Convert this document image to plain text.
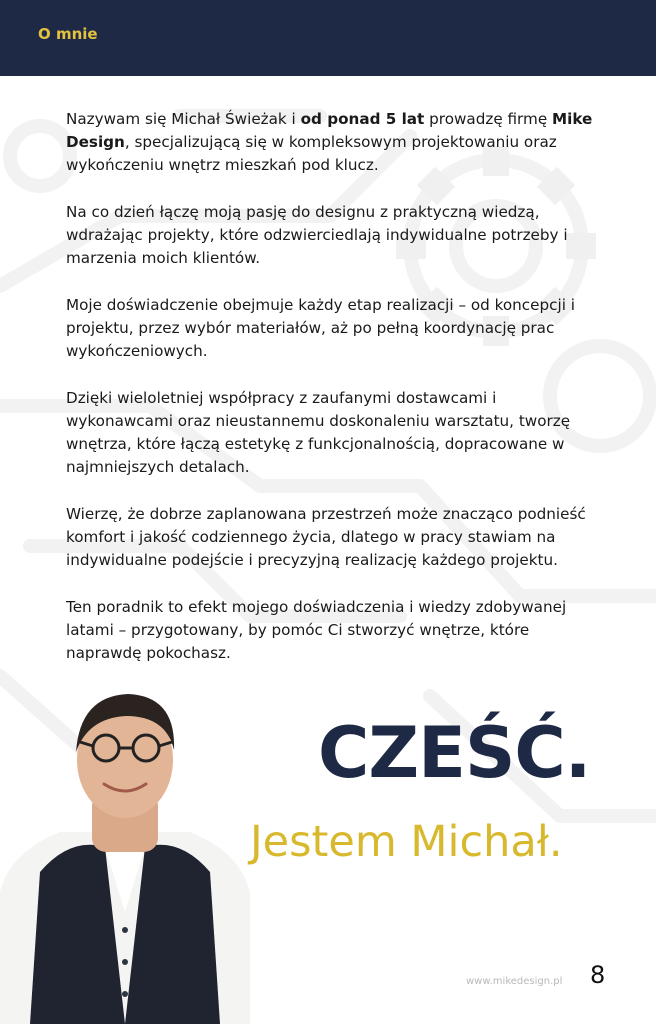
O mnie

Nazywam się Michał Świeżak i od ponad 5 lat prowadzę firmę Mike Design, specjalizującą się w kompleksowym projektowaniu oraz wykończeniu wnętrz mieszkań pod klucz.

Na co dzień łączę moją pasję do designu z praktyczną wiedzą, wdrażając projekty, które odzwierciedlają indywidualne potrzeby i marzenia moich klientów.

Moje doświadczenie obejmuje każdy etap realizacji – od koncepcji i projektu, przez wybór materiałów, aż po pełną koordynację prac wykończeniowych.

Dzięki wieloletniej współpracy z zaufanymi dostawcami i wykonawcami oraz nieustannemu doskonaleniu warsztatu, tworzę wnętrza, które łączą estetykę z funkcjonalnością, dopracowane w najmniejszych detalach.

Wierzę, że dobrze zaplanowana przestrzeń może znacząco podnieść komfort i jakość codziennego życia, dlatego w pracy stawiam na indywidualne podejście i precyzyjną realizację każdego projektu.

Ten poradnik to efekt mojego doświadczenia i wiedzy zdobywanej latami – przygotowany, by pomóc Ci stworzyć wnętrze, które naprawdę pokochasz.

CZEŚĆ.
Jestem Michał.
www.mikedesign.pl 8
